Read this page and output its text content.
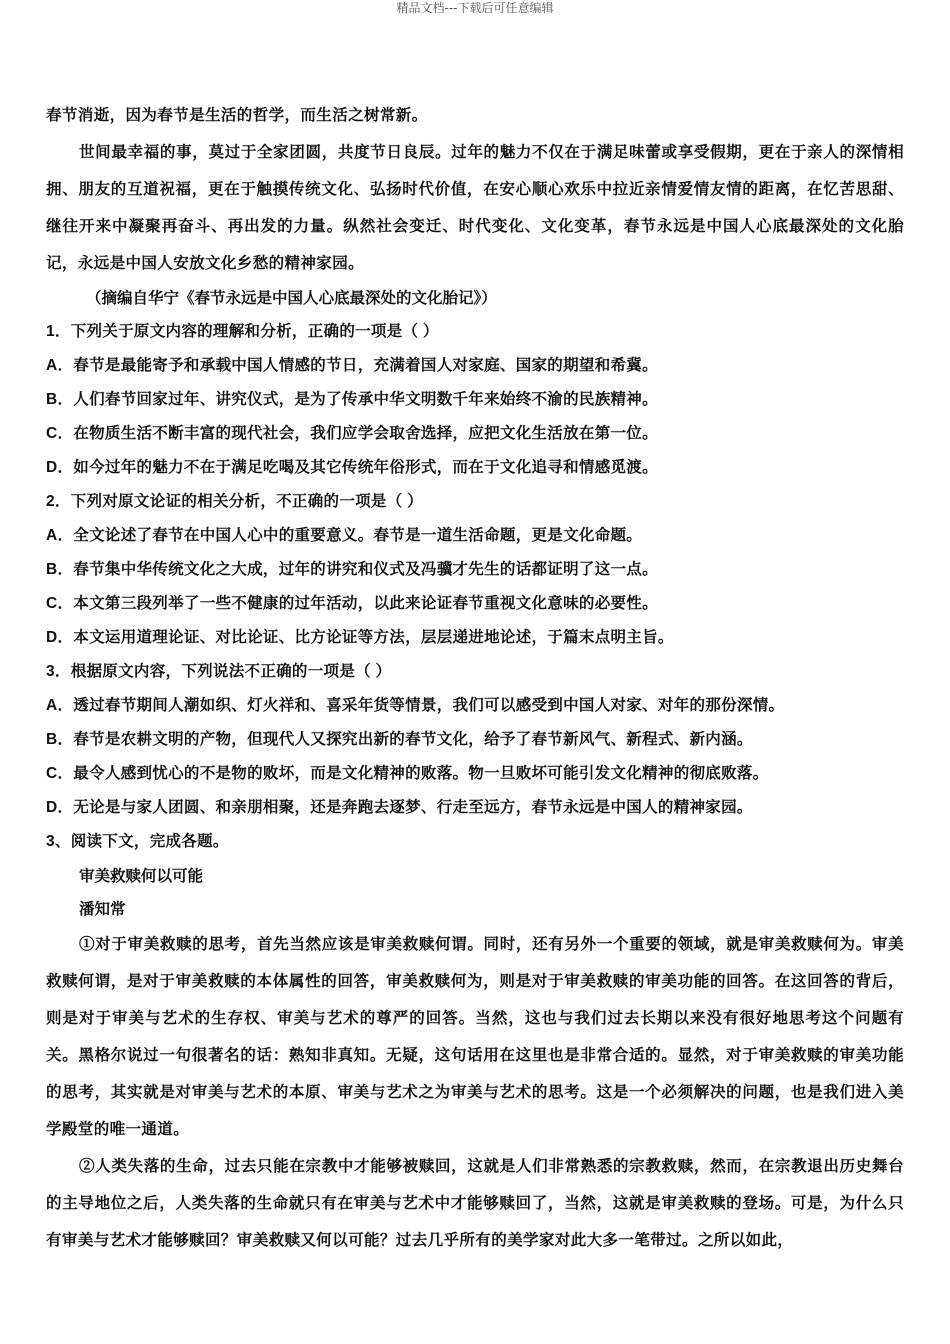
精品文档---下载后可任意编辑
春节消逝，因为春节是生活的哲学，而生活之树常新。
世间最幸福的事，莫过于全家团圆，共度节日良辰。过年的魅力不仅在于满足味蕾或享受假期，更在于亲人的深情相拥、朋友的互道祝福，更在于触摸传统文化、弘扬时代价值，在安心顺心欢乐中拉近亲情爱情友情的距离，在忆苦思甜、继往开来中凝聚再奋斗、再出发的力量。纵然社会变迁、时代变化、文化变革，春节永远是中国人心底最深处的文化胎记，永远是中国人安放文化乡愁的精神家园。
（摘编自华宁《春节永远是中国人心底最深处的文化胎记》）
1．下列关于原文内容的理解和分析，正确的一项是（ ）
A．春节是最能寄予和承载中国人情感的节日，充满着国人对家庭、国家的期望和希冀。
B．人们春节回家过年、讲究仪式，是为了传承中华文明数千年来始终不渝的民族精神。
C．在物质生活不断丰富的现代社会，我们应学会取舍选择，应把文化生活放在第一位。
D．如今过年的魅力不在于满足吃喝及其它传统年俗形式，而在于文化追寻和情感觅渡。
2．下列对原文论证的相关分析，不正确的一项是（ ）
A．全文论述了春节在中国人心中的重要意义。春节是一道生活命题，更是文化命题。
B．春节集中华传统文化之大成，过年的讲究和仪式及冯骥才先生的话都证明了这一点。
C．本文第三段列举了一些不健康的过年活动，以此来论证春节重视文化意味的必要性。
D．本文运用道理论证、对比论证、比方论证等方法，层层递进地论述，于篇末点明主旨。
3．根据原文内容，下列说法不正确的一项是（ ）
A．透过春节期间人潮如织、灯火祥和、喜采年货等情景，我们可以感受到中国人对家、对年的那份深情。
B．春节是农耕文明的产物，但现代人又探究出新的春节文化，给予了春节新风气、新程式、新内涵。
C．最令人感到忧心的不是物的败坏，而是文化精神的败落。物一旦败坏可能引发文化精神的彻底败落。
D．无论是与家人团圆、和亲朋相聚，还是奔跑去逐梦、行走至远方，春节永远是中国人的精神家园。
3、阅读下文，完成各题。
审美救赎何以可能
潘知常
①对于审美救赎的思考，首先当然应该是审美救赎何谓。同时，还有另外一个重要的领域，就是审美救赎何为。审美救赎何谓，是对于审美救赎的本体属性的回答，审美救赎何为，则是对于审美救赎的审美功能的回答。在这回答的背后，则是对于审美与艺术的生存权、审美与艺术的尊严的回答。当然，这也与我们过去长期以来没有很好地思考这个问题有关。黑格尔说过一句很著名的话：熟知非真知。无疑，这句话用在这里也是非常合适的。显然，对于审美救赎的审美功能的思考，其实就是对审美与艺术的本原、审美与艺术之为审美与艺术的思考。这是一个必须解决的问题，也是我们进入美学殿堂的唯一通道。
②人类失落的生命，过去只能在宗教中才能够被赎回，这就是人们非常熟悉的宗教救赎，然而，在宗教退出历史舞台的主导地位之后，人类失落的生命就只有在审美与艺术中才能够赎回了，当然，这就是审美救赎的登场。可是，为什么只有审美与艺术才能够赎回？审美救赎又何以可能？过去几乎所有的美学家对此大多一笔带过。之所以如此，
